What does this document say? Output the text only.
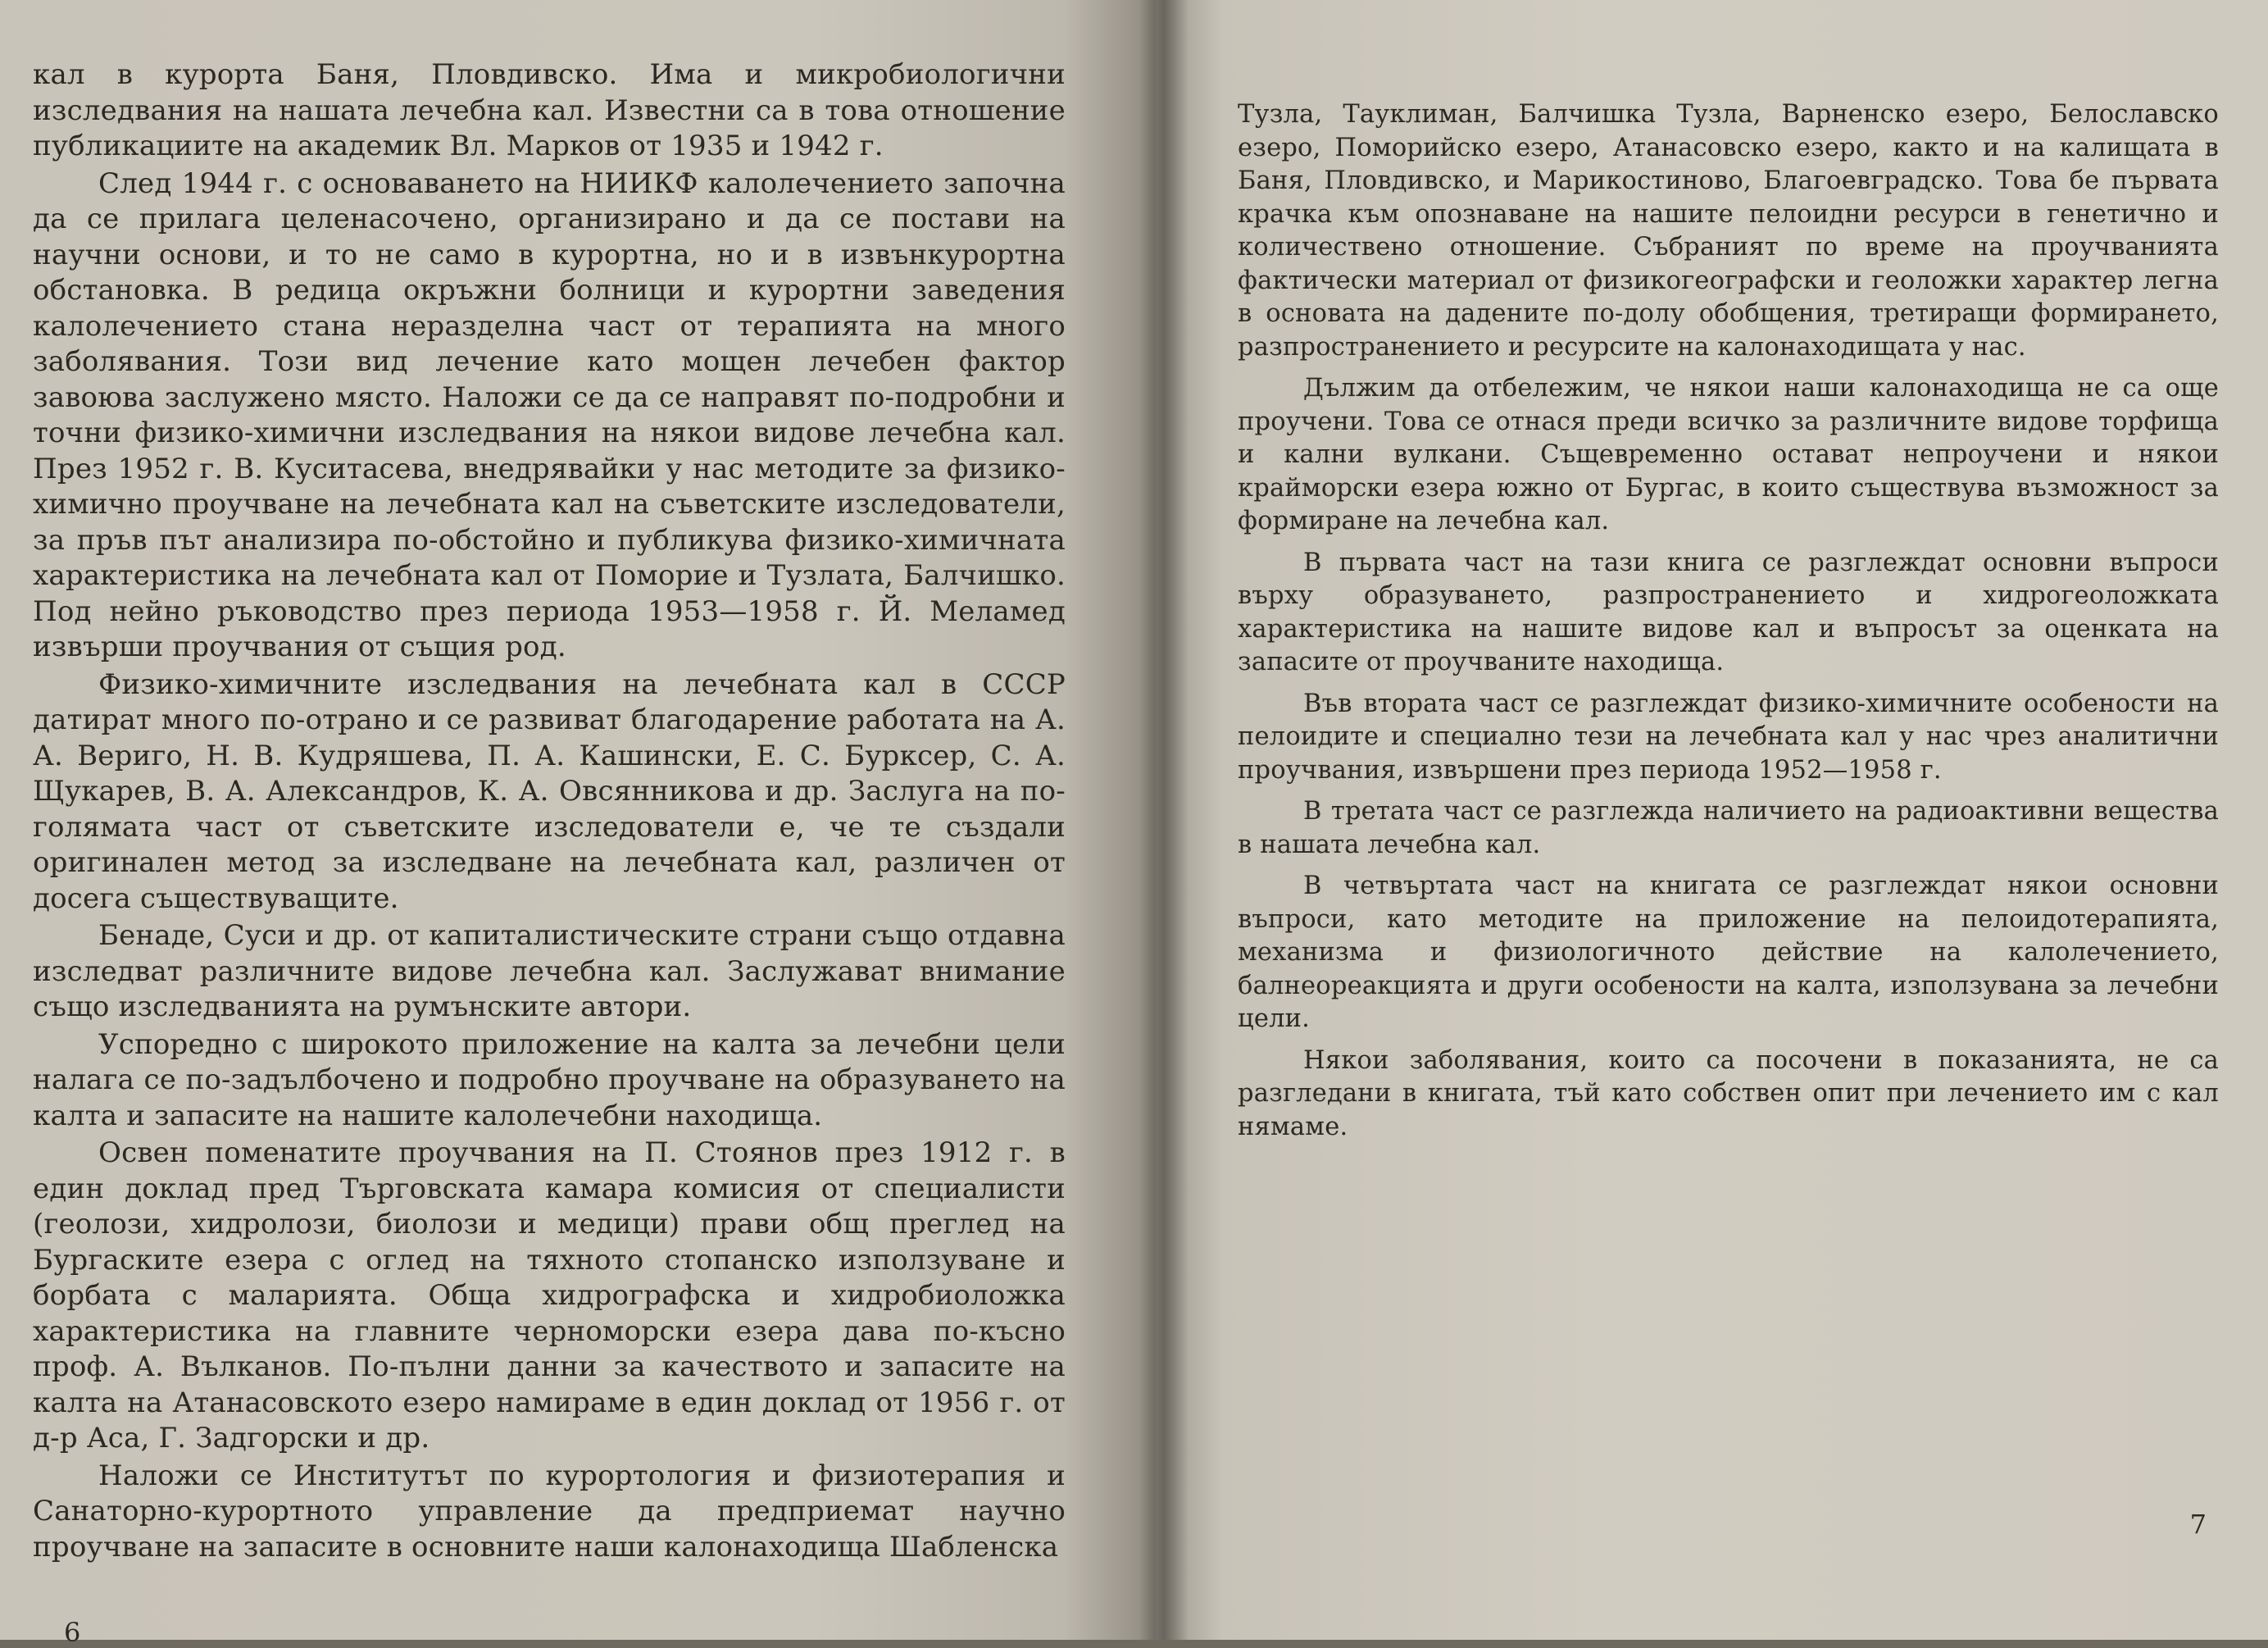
кал в курорта Баня, Пловдивско. Има и микробиологични изследвания на нашата лечебна кал. Известни са в това отношение публикациите на академик Вл. Марков от 1935 и 1942 г.

След 1944 г. с основаването на НИИКФ калолечението започна да се прилага целенасочено, организирано и да се постави на научни основи, и то не само в курортна, но и в извънкурортна обстановка. В редица окръжни болници и курортни заведения калолечението стана неразделна част от терапията на много заболявания. Този вид лечение като мощен лечебен фактор завоюва заслужено място. Наложи се да се направят по-подробни и точни физико-химични изследвания на някои видове лечебна кал. През 1952 г. В. Куситасева, внедрявайки у нас методите за физико-химично проучване на лечебната кал на съветските изследователи, за пръв път анализира по-обстойно и публикува физико-химичната характеристика на лечебната кал от Поморие и Тузлата, Балчишко. Под нейно ръководство през периода 1953—1958 г. Й. Меламед извърши проучвания от същия род.

Физико-химичните изследвания на лечебната кал в СССР датират много по-отрано и се развиват благодарение работата на А. А. Вериго, Н. В. Кудряшева, П. А. Кашински, Е. С. Бурксер, С. А. Щукарев, В. А. Александров, К. А. Овсянникова и др. Заслуга на по-голямата част от съветските изследователи е, че те създали оригинален метод за изследване на лечебната кал, различен от досега съществуващите.

Бенаде, Суси и др. от капиталистическите страни също отдавна изследват различните видове лечебна кал. Заслужават внимание също изследванията на румънските автори.

Успоредно с широкото приложение на калта за лечебни цели налага се по-задълбочено и подробно проучване на образуването на калта и запасите на нашите калолечебни находища.

Освен поменатите проучвания на П. Стоянов през 1912 г. в един доклад пред Търговската камара комисия от специалисти (геолози, хидролози, биолози и медици) прави общ преглед на Бургаските езера с оглед на тяхното стопанско използуване и борбата с маларията. Обща хидрографска и хидробиоложка характеристика на главните черноморски езера дава по-късно проф. А. Вълканов. По-пълни данни за качеството и запасите на калта на Атанасовското езеро намираме в един доклад от 1956 г. от д-р Аса, Г. Задгорски и др.

Наложи се Институтът по курортология и физиотерапия и Санаторно-курортното управление да предприемат научно проучване на запасите в основните наши калонаходища Шабленска

6

Тузла, Тауклиман, Балчишка Тузла, Варненско езеро, Белославско езеро, Поморийско езеро, Атанасовско езеро, както и на калищата в Баня, Пловдивско, и Марикостиново, Благоевградско. Това бе първата крачка към опознаване на нашите пелоидни ресурси в генетично и количествено отношение. Събраният по време на проучванията фактически материал от физикогеографски и геоложки характер легна в основата на дадените по-долу обобщения, третиращи формирането, разпространението и ресурсите на калонаходищата у нас.

Дължим да отбележим, че някои наши калонаходища не са още проучени. Това се отнася преди всичко за различните видове торфища и кални вулкани. Същевременно остават непроучени и някои крайморски езера южно от Бургас, в които съществува възможност за формиране на лечебна кал.

В първата част на тази книга се разглеждат основни въпроси върху образуването, разпространението и хидрогеоложката характеристика на нашите видове кал и въпросът за оценката на запасите от проучваните находища.

Във втората част се разглеждат физико-химичните особености на пелоидите и специално тези на лечебната кал у нас чрез аналитични проучвания, извършени през периода 1952—1958 г.

В третата част се разглежда наличието на радиоактивни вещества в нашата лечебна кал.

В четвъртата част на книгата се разглеждат някои основни въпроси, като методите на приложение на пелоидотерапията, механизма и физиологичното действие на калолечението, балнеореакцията и други особености на калта, използувана за лечебни цели.

Някои заболявания, които са посочени в показанията, не са разгледани в книгата, тъй като собствен опит при лечението им с кал нямаме.

7
